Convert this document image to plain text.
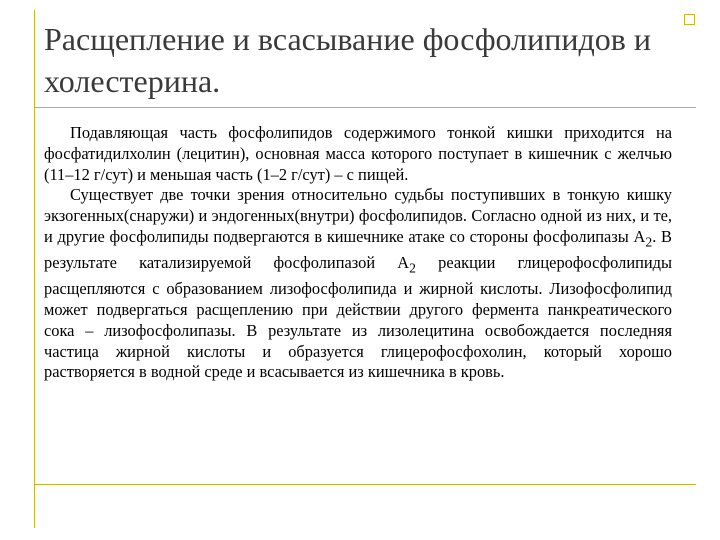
Расщепление и всасывание фосфолипидов и холестерина.

Подавляющая часть фосфолипидов содержимого тонкой кишки приходится на фосфатидилхолин (лецитин), основная масса которого поступает в кишечник с желчью (11–12 г/сут) и меньшая часть (1–2 г/сут) – с пищей.

Существует две точки зрения относительно судьбы поступивших в тонкую кишку экзогенных(снаружи) и эндогенных(внутри) фосфолипидов. Согласно одной из них, и те, и другие фосфолипиды подвергаются в кишечнике атаке со стороны фосфолипазы $А_2$. В результате катализируемой фосфолипазой $А_2$ реакции глицерофосфолипиды расщепляются с образованием лизофосфолипида и жирной кислоты. Лизофосфолипид может подвергаться расщеплению при действии другого фермента панкреатического сока – лизофосфолипазы. В результате из лизолецитина освобождается последняя частица жирной кислоты и образуется глицерофосфохолин, который хорошо растворяется в водной среде и всасывается из кишечника в кровь.
